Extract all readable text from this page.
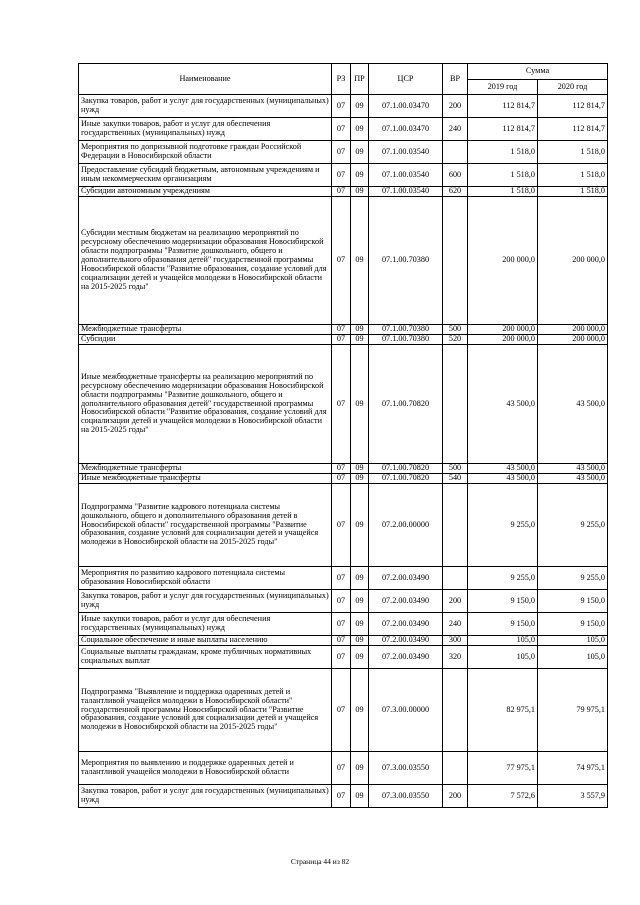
Наименование	РЗ	ПР	ЦСР	ВР	Сумма	
					2019 год	2020 год
Закупка товаров, работ и услуг для государственных (муниципальных) нужд	07	09	07.1.00.03470	200	112 814,7	112 814,7
Иные закупки товаров, работ и услуг для обеспечения государственных (муниципальных) нужд	07	09	07.1.00.03470	240	112 814,7	112 814,7
Мероприятия по допризывной подготовке граждан Российской Федерации в Новосибирской области	07	09	07.1.00.03540		1 518,0	1 518,0
Предоставление субсидий бюджетным, автономным учреждениям и иным некоммерческим организациям	07	09	07.1.00.03540	600	1 518,0	1 518,0
Субсидии автономным учреждениям	07	09	07.1.00.03540	620	1 518,0	1 518,0
Субсидии местным бюджетам на реализацию мероприятий по ресурсному обеспечению модернизации образования Новосибирской области подпрограммы "Развитие дошкольного, общего и дополнительного образования детей" государственной программы Новосибирской области "Развитие образования, создание условий для социализации детей и учащейся молодежи в Новосибирской области на 2015-2025 годы"	07	09	07.1.00.70380		200 000,0	200 000,0
Межбюджетные трансферты	07	09	07.1.00.70380	500	200 000,0	200 000,0
Субсидии	07	09	07.1.00.70380	520	200 000,0	200 000,0
Иные межбюджетные трансферты на реализацию мероприятий по ресурсному обеспечению модернизации образования Новосибирской области подпрограммы "Развитие дошкольного, общего и дополнительного образования детей" государственной программы Новосибирской области "Развитие образования, создание условий для социализации детей и учащейся молодежи в Новосибирской области на 2015-2025 годы"	07	09	07.1.00.70820		43 500,0	43 500,0
Межбюджетные трансферты	07	09	07.1.00.70820	500	43 500,0	43 500,0
Иные межбюджетные трансферты	07	09	07.1.00.70820	540	43 500,0	43 500,0
Подпрограмма "Развитие кадрового потенциала системы дошкольного, общего и дополнительного образования детей в Новосибирской области" государственной программы "Развитие образования, создание условий для социализации детей и учащейся молодежи в Новосибирской области на 2015-2025 годы"	07	09	07.2.00.00000		9 255,0	9 255,0
Мероприятия по развитию кадрового потенциала системы образования Новосибирской области	07	09	07.2.00.03490		9 255,0	9 255,0
Закупка товаров, работ и услуг для государственных (муниципальных) нужд	07	09	07.2.00.03490	200	9 150,0	9 150,0
Иные закупки товаров, работ и услуг для обеспечения государственных (муниципальных) нужд	07	09	07.2.00.03490	240	9 150,0	9 150,0
Социальное обеспечение и иные выплаты населению	07	09	07.2.00.03490	300	105,0	105,0
Социальные выплаты гражданам, кроме публичных нормативных социальных выплат	07	09	07.2.00.03490	320	105,0	105,0
Подпрограмма "Выявление и поддержка одаренных детей и талантливой учащейся молодежи в Новосибирской области" государственной программы Новосибирской области "Развитие образования, создание условий для социализации детей и учащейся молодежи в Новосибирской области на 2015-2025 годы"	07	09	07.3.00.00000		82 975,1	79 975,1
Мероприятия по выявлению и поддержке одаренных детей и талантливой учащейся молодежи в Новосибирской области	07	09	07.3.00.03550		77 975,1	74 975,1
Закупка товаров, работ и услуг для государственных (муниципальных) нужд	07	09	07.3.00.03550	200	7 572,6	3 557,9
Страница 44 из 82
